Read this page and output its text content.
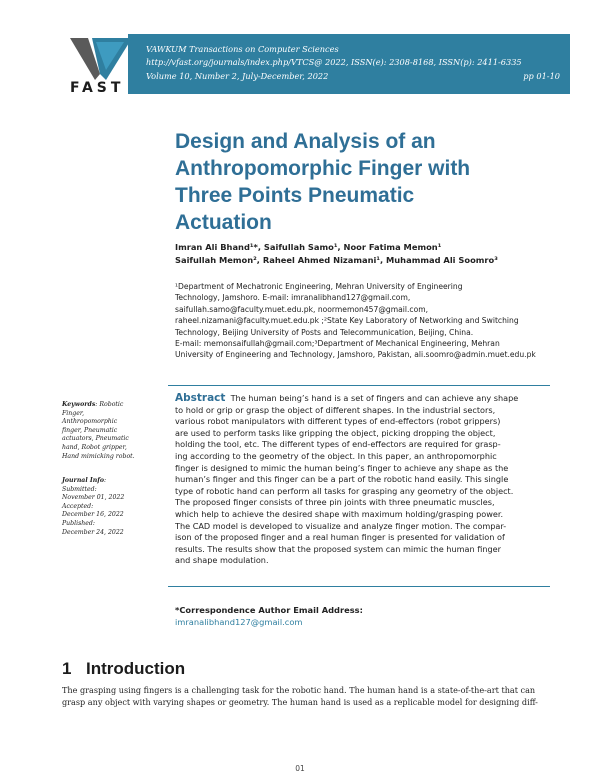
FAST
VAWKUM Transactions on Computer Sciences
http://vfast.org/journals/index.php/VTCS@ 2022, ISSN(e): 2308-8168, ISSN(p): 2411-6335
Volume 10, Number 2, July-December, 2022	pp 01-10
Design and Analysis of an
Anthropomorphic Finger with
Three Points Pneumatic
Actuation
Imran Ali Bhand¹*, Saifullah Samo¹, Noor Fatima Memon¹
Saifullah Memon², Raheel Ahmed Nizamani¹, Muhammad Ali Soomro³
¹Department of Mechatronic Engineering, Mehran University of Engineering
Technology, Jamshoro. E-mail: imranalibhand127@gmail.com,
saifullah.samo@faculty.muet.edu.pk, noormemon457@gmail.com,
raheel.nizamani@faculty.muet.edu.pk ;²State Key Laboratory of Networking and Switching
Technology, Beijing University of Posts and Telecommunication, Beijing, China.
E-mail: memonsaifullah@gmail.com;³Department of Mechanical Engineering, Mehran
University of Engineering and Technology, Jamshoro, Pakistan, ali.soomro@admin.muet.edu.pk
Keywords: Robotic
Finger,
Anthropomorphic
finger, Pneumatic
actuators, Pneumatic
hand, Robot gripper,
Hand mimicking robot.
Journal Info:
Submitted:
November 01, 2022
Accepted:
December 16, 2022
Published:
December 24, 2022
Abstract The human being’s hand is a set of fingers and can achieve any shape
to hold or grip or grasp the object of different shapes. In the industrial sectors,
various robot manipulators with different types of end-effectors (robot grippers)
are used to perform tasks like gripping the object, picking dropping the object,
holding the tool, etc. The different types of end-effectors are required for grasp-
ing according to the geometry of the object. In this paper, an anthropomorphic
finger is designed to mimic the human being’s finger to achieve any shape as the
human’s finger and this finger can be a part of the robotic hand easily. This single
type of robotic hand can perform all tasks for grasping any geometry of the object.
The proposed finger consists of three pin joints with three pneumatic muscles,
which help to achieve the desired shape with maximum holding/grasping power.
The CAD model is developed to visualize and analyze finger motion. The compar-
ison of the proposed finger and a real human finger is presented for validation of
results. The results show that the proposed system can mimic the human finger
and shape modulation.
*Correspondence Author Email Address:
imranalibhand127@gmail.com
1 Introduction
The grasping using fingers is a challenging task for the robotic hand. The human hand is a state-of-the-art that can
grasp any object with varying shapes or geometry. The human hand is used as a replicable model for designing diff-
01
